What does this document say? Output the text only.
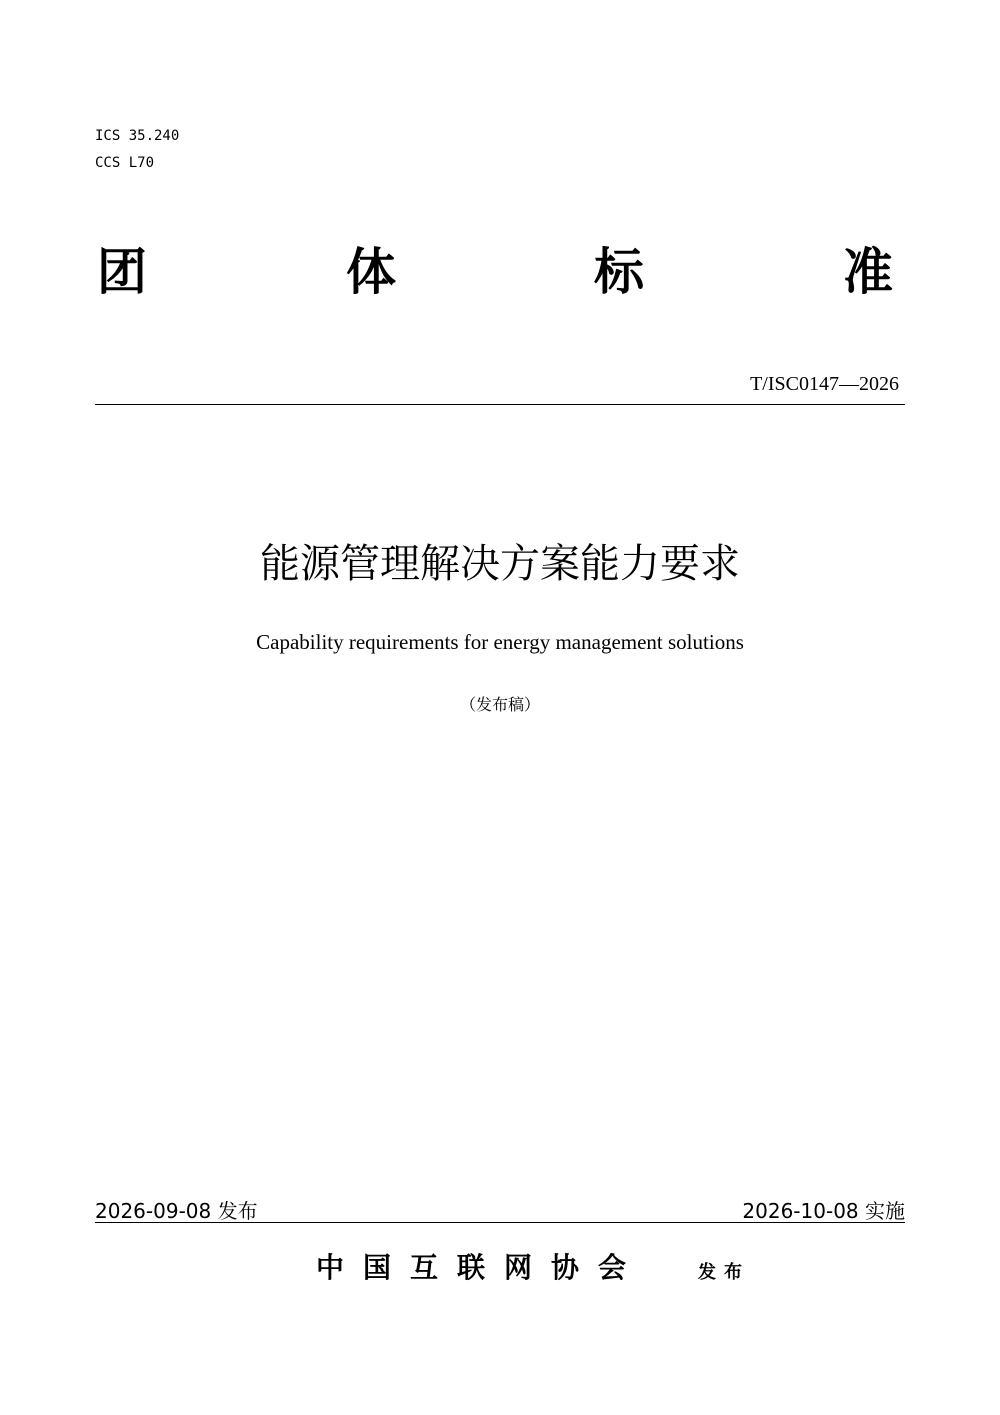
ICS 35.240
CCS L70
团	体	标	准
T/ISC0147—2026
能源管理解决方案能力要求
Capability requirements for energy management solutions
（发布稿）
2026-09-08 发布	2026-10-08 实施
中国互联网协会	发布
